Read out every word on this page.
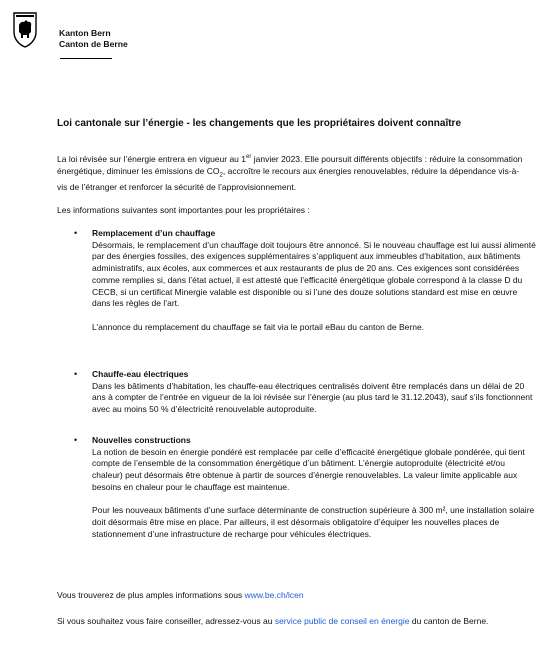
Kanton Bern
Canton de Berne
Loi cantonale sur l’énergie - les changements que les propriétaires doivent connaître

La loi révisée sur l’énergie entrera en vigueur au 1er janvier 2023. Elle poursuit différents objectifs : réduire la consommation énergétique, diminuer les émissions de $CO_2$, accroître le recours aux énergies renouvelables, réduire la dépendance vis-à-vis de l’étranger et renforcer la sécurité de l’approvisionnement.

Les informations suivantes sont importantes pour les propriétaires :

• Remplacement d’un chauffage

Désormais, le remplacement d’un chauffage doit toujours être annoncé. Si le nouveau chauffage est lui aussi alimenté par des énergies fossiles, des exigences supplémentaires s’appliquent aux immeubles d’habitation, aux bâtiments administratifs, aux écoles, aux commerces et aux restaurants de plus de 20 ans. Ces exigences sont considérées comme remplies si, dans l’état actuel, il est attesté que l’efficacité énergétique globale correspond à la classe D du CECB, si un certificat Minergie valable est disponible ou si l’une des douze solutions standard est mise en œuvre dans les règles de l’art.

L’annonce du remplacement du chauffage se fait via le portail eBau du canton de Berne.

• Chauffe-eau électriques

Dans les bâtiments d’habitation, les chauffe-eau électriques centralisés doivent être remplacés dans un délai de 20 ans à compter de l’entrée en vigueur de la loi révisée sur l’énergie (au plus tard le 31.12.2043), sauf s’ils fonctionnent avec au moins 50 % d’électricité renouvelable autoproduite.

• Nouvelles constructions

La notion de besoin en énergie pondéré est remplacée par celle d’efficacité énergétique globale pondérée, qui tient compte de l’ensemble de la consommation énergétique d’un bâtiment. L’énergie autoproduite (électricité et/ou chaleur) peut désormais être obtenue à partir de sources d’énergie renouvelables. La valeur limite applicable aux besoins en chaleur pour le chauffage est maintenue.

Pour les nouveaux bâtiments d’une surface déterminante de construction supérieure à 300 m², une installation solaire doit désormais être mise en place. Par ailleurs, il est désormais obligatoire d’équiper les nouvelles places de stationnement d’une infrastructure de recharge pour véhicules électriques.

Vous trouverez de plus amples informations sous www.be.ch/lcen

Si vous souhaitez vous faire conseiller, adressez-vous au service public de conseil en énergie du canton de Berne.
